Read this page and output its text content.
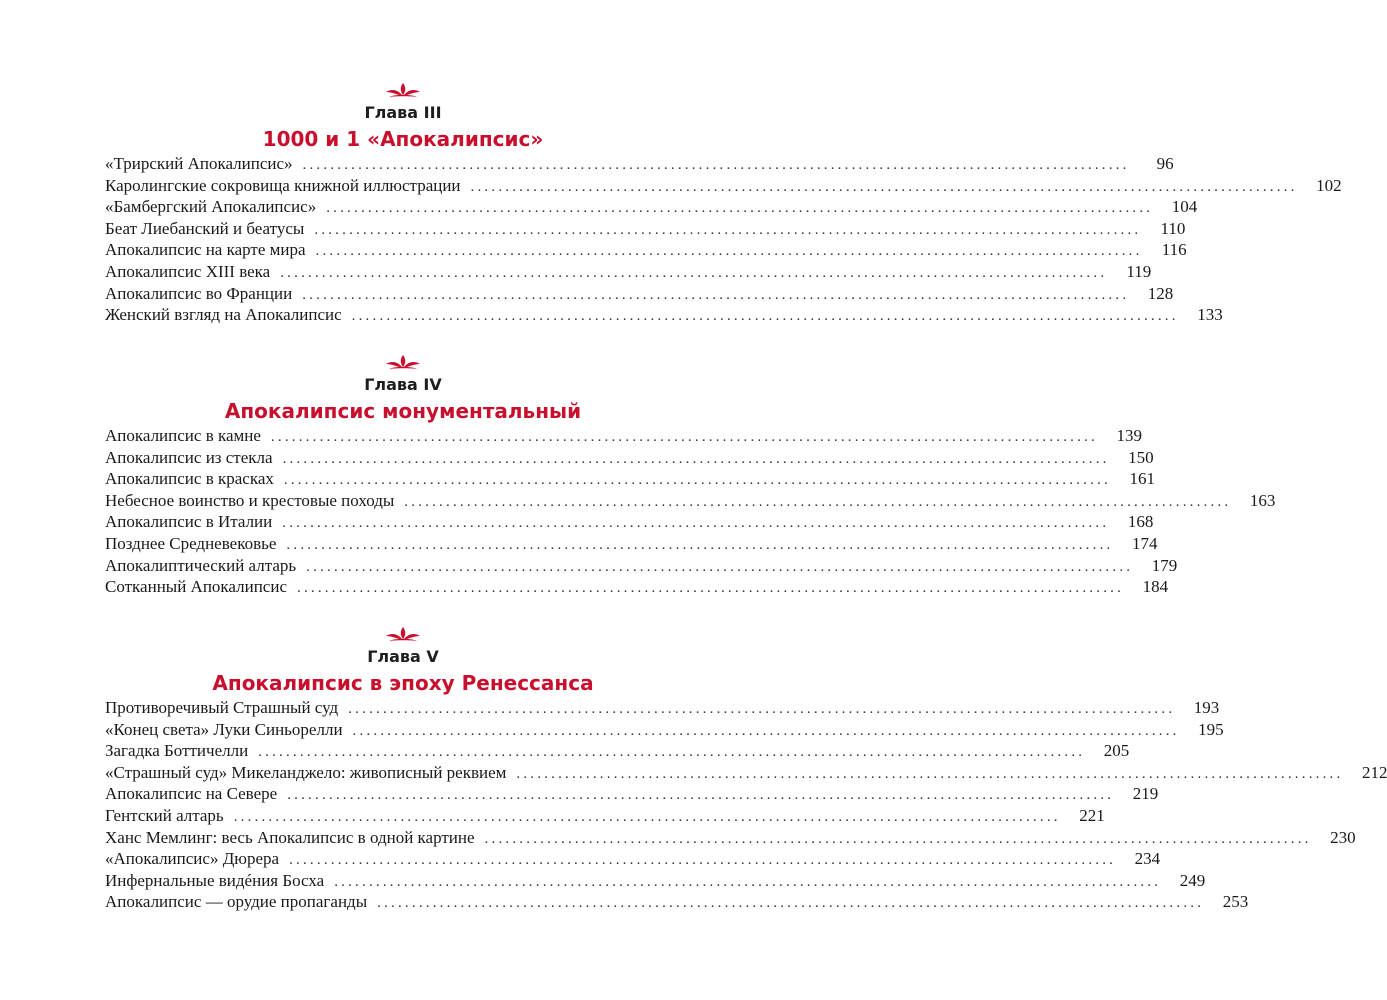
Глава III
1000 и 1 «Апокалипсис»
«Трирский Апокалипсис» .......................................................................................................................	96
Каролингские сокровища книжной иллюстрации .......................................................................................................................	102
«Бамбергский Апокалипсис» .......................................................................................................................	104
Беат Лиебанский и беатусы .......................................................................................................................	110
Апокалипсис на карте мира .......................................................................................................................	116
Апокалипсис XIII века .......................................................................................................................	119
Апокалипсис во Франции .......................................................................................................................	128
Женский взгляд на Апокалипсис .......................................................................................................................	133
Глава IV
Апокалипсис монументальный
Апокалипсис в камне .......................................................................................................................	139
Апокалипсис из стекла .......................................................................................................................	150
Апокалипсис в красках .......................................................................................................................	161
Небесное воинство и крестовые походы .......................................................................................................................	163
Апокалипсис в Италии .......................................................................................................................	168
Позднее Средневековье .......................................................................................................................	174
Апокалиптический алтарь .......................................................................................................................	179
Сотканный Апокалипсис .......................................................................................................................	184
Глава V
Апокалипсис в эпоху Ренессанса
Противоречивый Страшный суд .......................................................................................................................	193
«Конец света» Луки Синьорелли .......................................................................................................................	195
Загадка Боттичелли .......................................................................................................................	205
«Страшный суд» Микеланджело: живописный реквием .......................................................................................................................	212
Апокалипсис на Севере .......................................................................................................................	219
Гентский алтарь .......................................................................................................................	221
Ханс Мемлинг: весь Апокалипсис в одной картине .......................................................................................................................	230
«Апокалипсис» Дюрера .......................................................................................................................	234
Инфернальные видéния Босха .......................................................................................................................	249
Апокалипсис — орудие пропаганды .......................................................................................................................	253
